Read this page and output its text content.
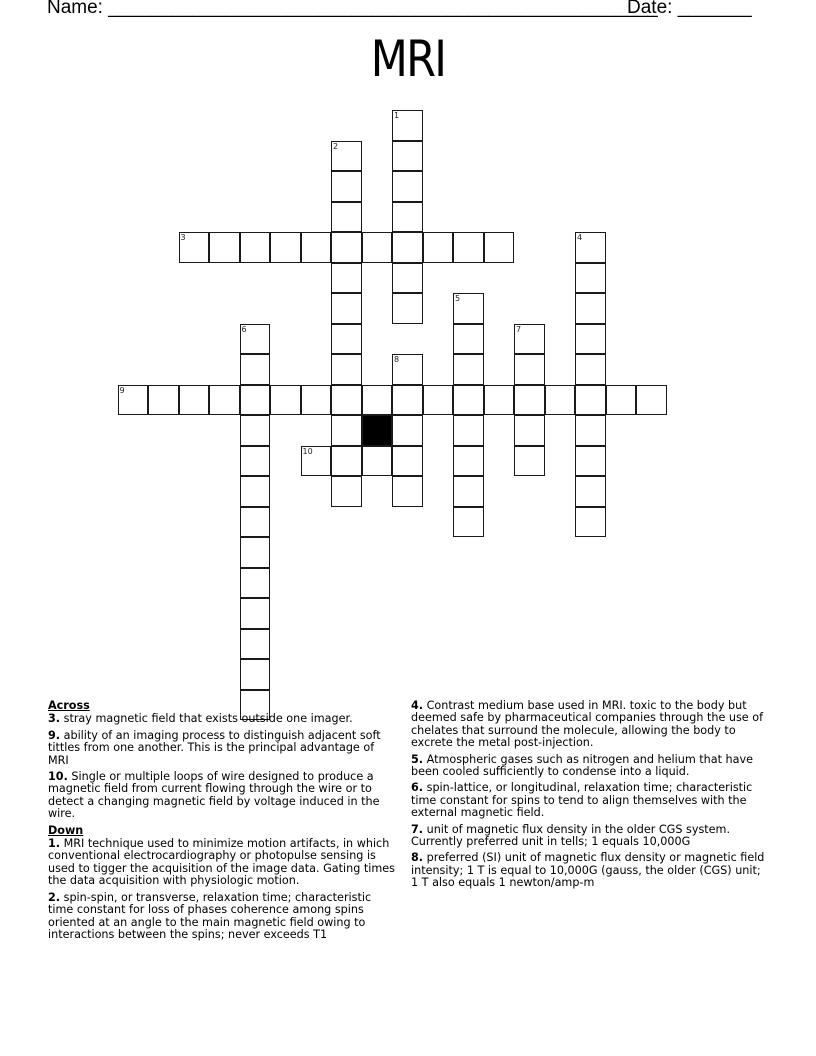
Name: ____________________________________________________
Date: _______
MRI
1
2
3	4
5
6	7
8
9
10
Across
3. stray magnetic field that exists outside one imager.
9. ability of an imaging process to distinguish adjacent soft tittles from one another. This is the principal advantage of MRI
10. Single or multiple loops of wire designed to produce a magnetic field from current flowing through the wire or to detect a changing magnetic field by voltage induced in the wire.
Down
1. MRI technique used to minimize motion artifacts, in which conventional electrocardiography or photopulse sensing is used to tigger the acquisition of the image data. Gating times the data acquisition with physiologic motion.
2. spin-spin, or transverse, relaxation time; characteristic time constant for loss of phases coherence among spins oriented at an angle to the main magnetic field owing to interactions between the spins; never exceeds T1
4. Contrast medium base used in MRI. toxic to the body but deemed safe by pharmaceutical companies through the use of chelates that surround the molecule, allowing the body to excrete the metal post-injection.
5. Atmospheric gases such as nitrogen and helium that have been cooled sufficiently to condense into a liquid.
6. spin-lattice, or longitudinal, relaxation time; characteristic time constant for spins to tend to align themselves with the external magnetic field.
7. unit of magnetic flux density in the older CGS system. Currently preferred unit in tells; 1 equals 10,000G
8. preferred (SI) unit of magnetic flux density or magnetic field intensity; 1 T is equal to 10,000G (gauss, the older (CGS) unit; 1 T also equals 1 newton/amp-m
